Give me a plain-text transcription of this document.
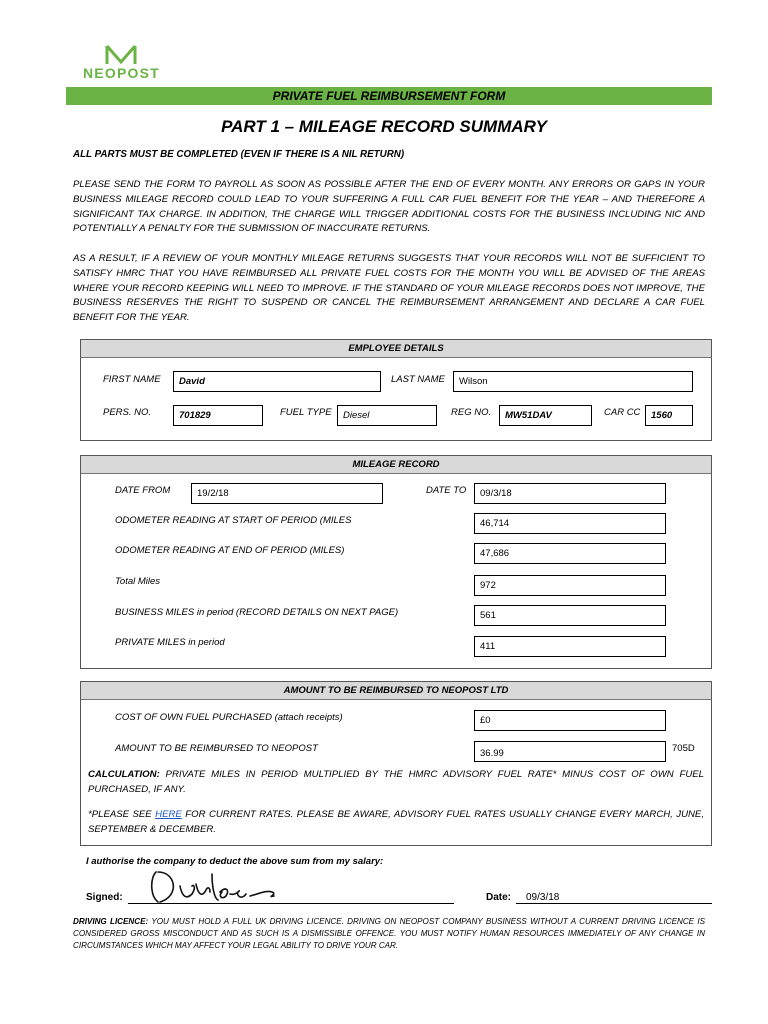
NEOPOST
PRIVATE FUEL REIMBURSEMENT FORM
PART 1 – MILEAGE RECORD SUMMARY
ALL PARTS MUST BE COMPLETED (EVEN IF THERE IS A NIL RETURN)
PLEASE SEND THE FORM TO PAYROLL AS SOON AS POSSIBLE AFTER THE END OF EVERY MONTH. ANY ERRORS OR GAPS IN YOUR BUSINESS MILEAGE RECORD COULD LEAD TO YOUR SUFFERING A FULL CAR FUEL BENEFIT FOR THE YEAR – AND THEREFORE A SIGNIFICANT TAX CHARGE. IN ADDITION, THE CHARGE WILL TRIGGER ADDITIONAL COSTS FOR THE BUSINESS INCLUDING NIC AND POTENTIALLY A PENALTY FOR THE SUBMISSION OF INACCURATE RETURNS.
AS A RESULT, IF A REVIEW OF YOUR MONTHLY MILEAGE RETURNS SUGGESTS THAT YOUR RECORDS WILL NOT BE SUFFICIENT TO SATISFY HMRC THAT YOU HAVE REIMBURSED ALL PRIVATE FUEL COSTS FOR THE MONTH YOU WILL BE ADVISED OF THE AREAS WHERE YOUR RECORD KEEPING WILL NEED TO IMPROVE. IF THE STANDARD OF YOUR MILEAGE RECORDS DOES NOT IMPROVE, THE BUSINESS RESERVES THE RIGHT TO SUSPEND OR CANCEL THE REIMBURSEMENT ARRANGEMENT AND DECLARE A CAR FUEL BENEFIT FOR THE YEAR.
EMPLOYEE DETAILS
FIRST NAME	David	LAST NAME	Wilson
PERS. NO.	701829	FUEL TYPE	Diesel	REG NO.	MW51DAV	CAR CC	1560
MILEAGE RECORD
DATE FROM	19/2/18	DATE TO	09/3/18
ODOMETER READING AT START OF PERIOD (MILES	46,714
ODOMETER READING AT END OF PERIOD (MILES)	47,686
Total Miles	972
BUSINESS MILES in period (RECORD DETAILS ON NEXT PAGE)	561
PRIVATE MILES in period	411
AMOUNT TO BE REIMBURSED TO NEOPOST LTD
COST OF OWN FUEL PURCHASED (attach receipts)	£0
AMOUNT TO BE REIMBURSED TO NEOPOST	36.99	705D
CALCULATION: PRIVATE MILES IN PERIOD MULTIPLIED BY THE HMRC ADVISORY FUEL RATE* MINUS COST OF OWN FUEL PURCHASED, IF ANY.
*PLEASE SEE HERE FOR CURRENT RATES. PLEASE BE AWARE, ADVISORY FUEL RATES USUALLY CHANGE EVERY MARCH, JUNE, SEPTEMBER & DECEMBER.
I authorise the company to deduct the above sum from my salary:
Signed:	Date: 09/3/18
DRIVING LICENCE: YOU MUST HOLD A FULL UK DRIVING LICENCE. DRIVING ON NEOPOST COMPANY BUSINESS WITHOUT A CURRENT DRIVING LICENCE IS CONSIDERED GROSS MISCONDUCT AND AS SUCH IS A DISMISSIBLE OFFENCE. YOU MUST NOTIFY HUMAN RESOURCES IMMEDIATELY OF ANY CHANGE IN CIRCUMSTANCES WHICH MAY AFFECT YOUR LEGAL ABILITY TO DRIVE YOUR CAR.
